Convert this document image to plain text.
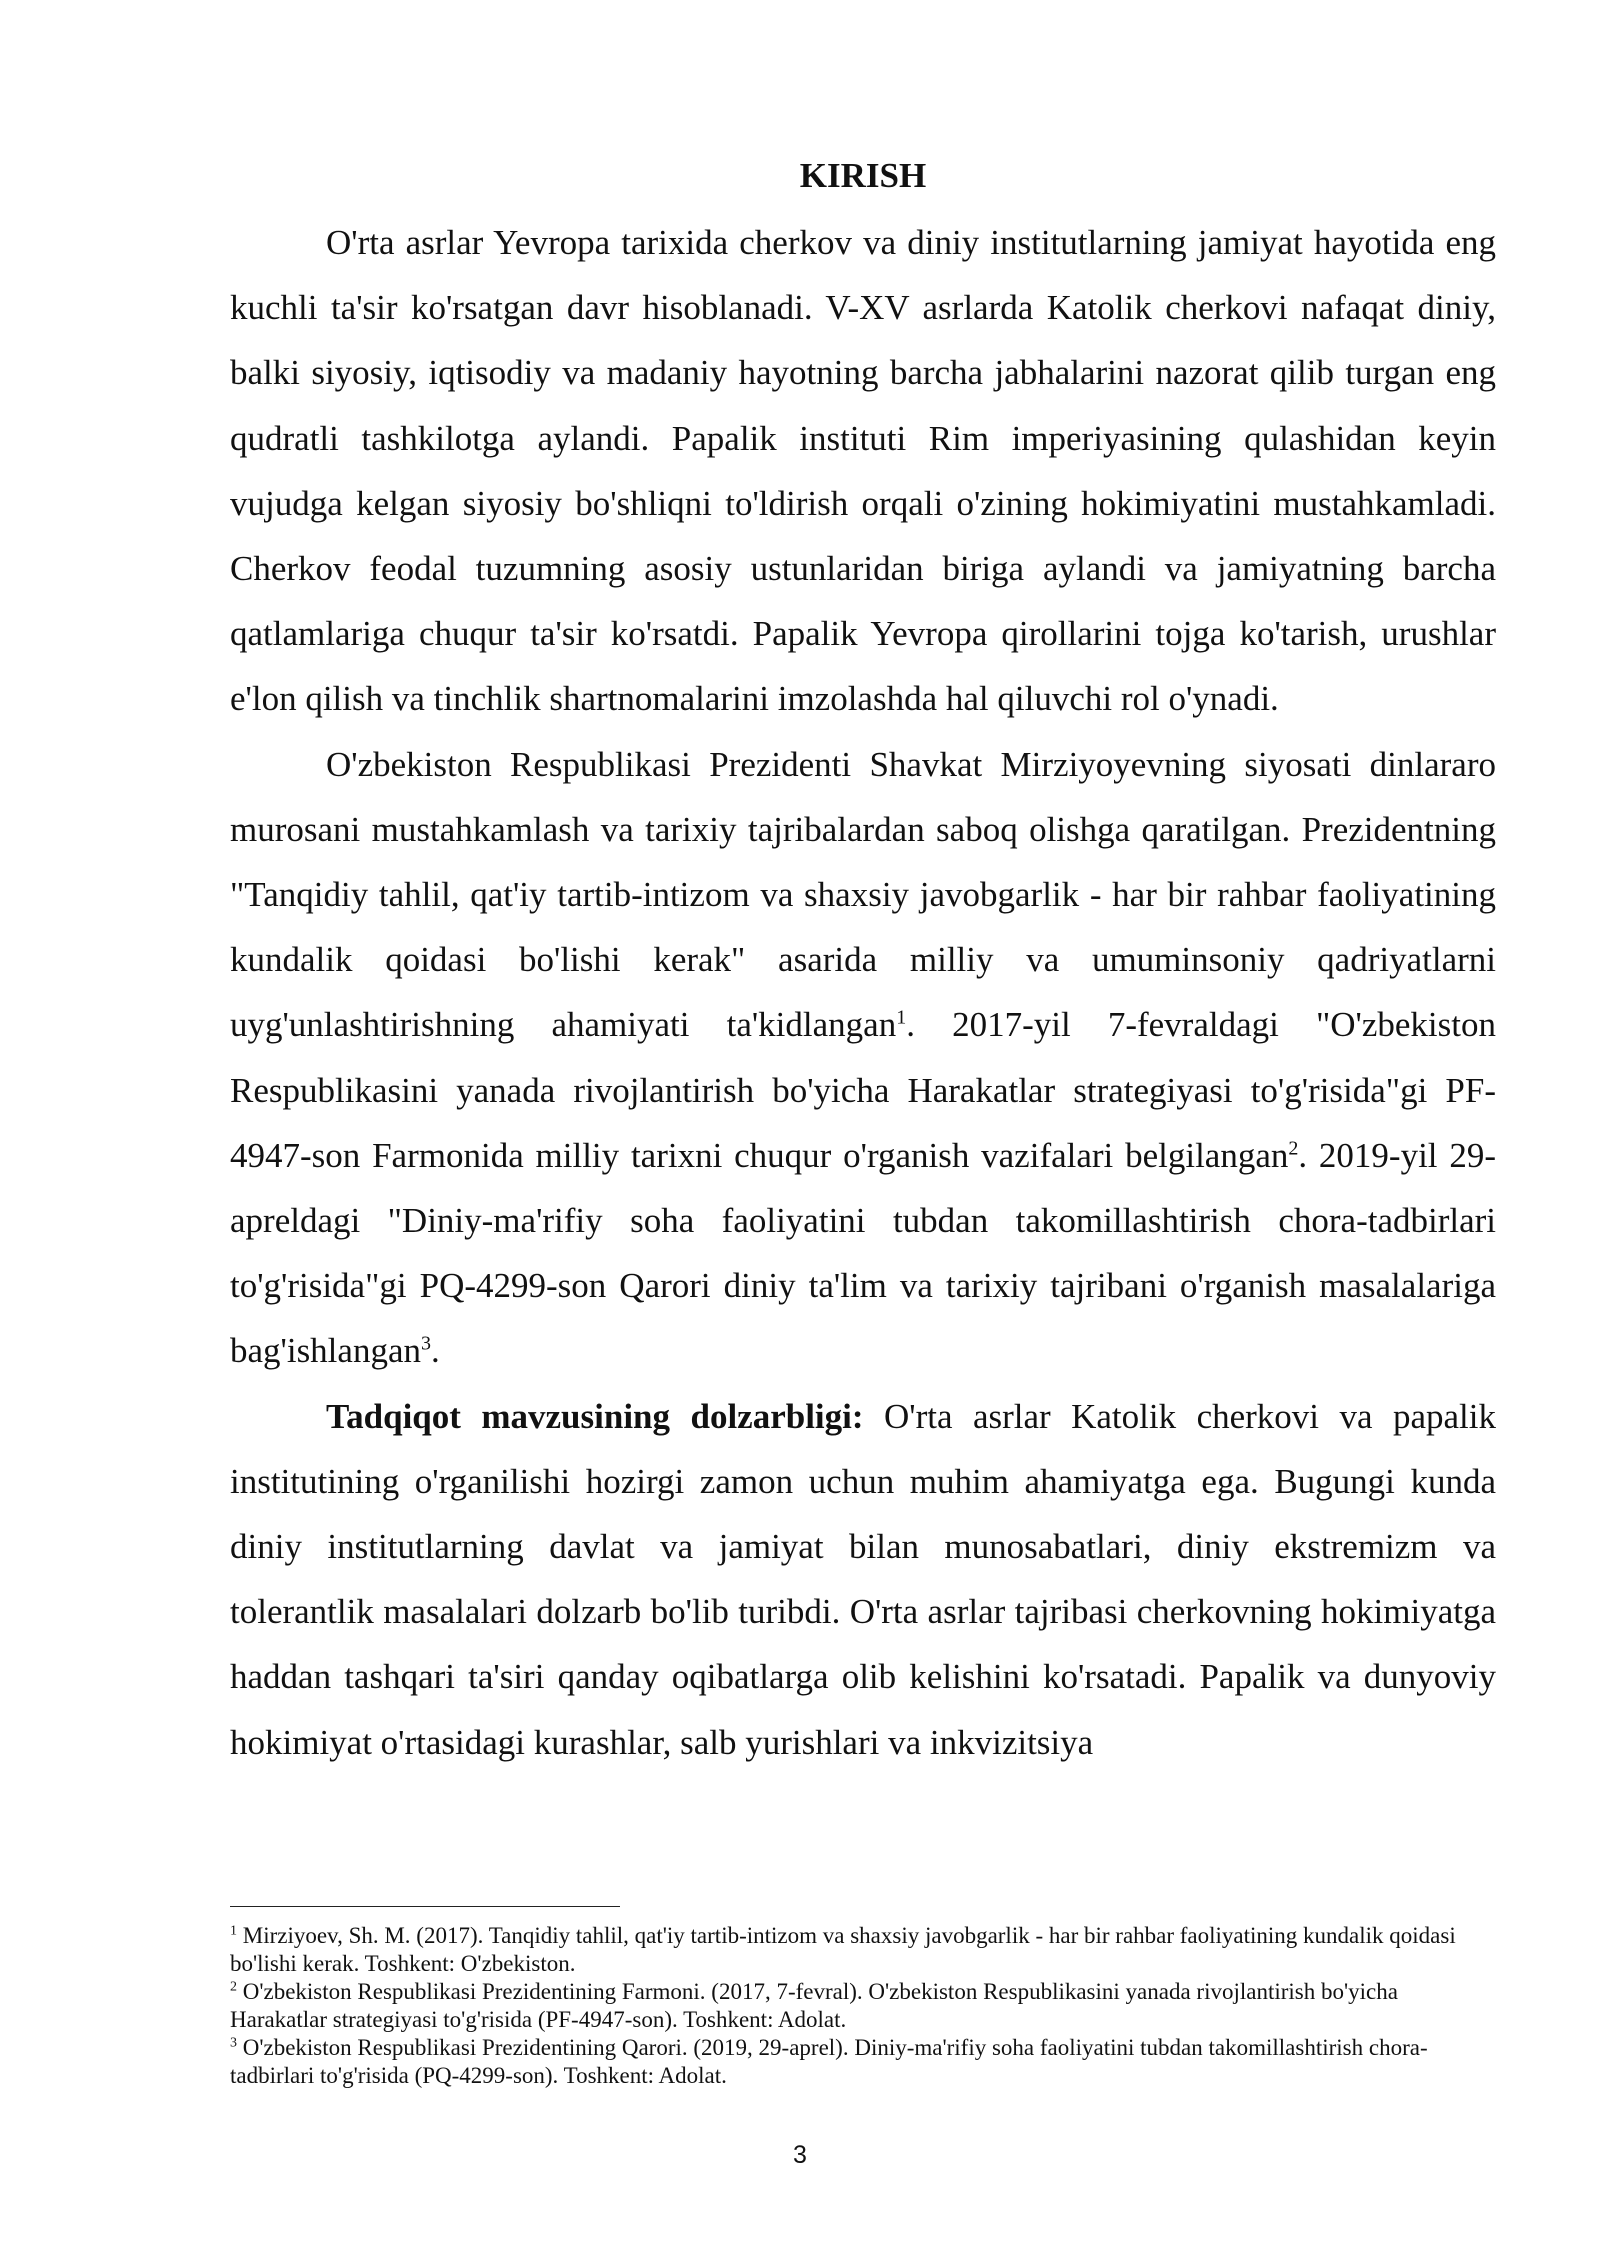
KIRISH

O'rta asrlar Yevropa tarixida cherkov va diniy institutlarning jamiyat hayotida eng kuchli ta'sir ko'rsatgan davr hisoblanadi. V-XV asrlarda Katolik cherkovi nafaqat diniy, balki siyosiy, iqtisodiy va madaniy hayotning barcha jabhalarini nazorat qilib turgan eng qudratli tashkilotga aylandi. Papalik instituti Rim imperiyasining qulashidan keyin vujudga kelgan siyosiy bo'shliqni to'ldirish orqali o'zining hokimiyatini mustahkamladi. Cherkov feodal tuzumning asosiy ustunlaridan biriga aylandi va jamiyatning barcha qatlamlariga chuqur ta'sir ko'rsatdi. Papalik Yevropa qirollarini tojga ko'tarish, urushlar e'lon qilish va tinchlik shartnomalarini imzolashda hal qiluvchi rol o'ynadi.

O'zbekiston Respublikasi Prezidenti Shavkat Mirziyoyevning siyosati dinlararo murosani mustahkamlash va tarixiy tajribalardan saboq olishga qaratilgan. Prezidentning "Tanqidiy tahlil, qat'iy tartib-intizom va shaxsiy javobgarlik - har bir rahbar faoliyatining kundalik qoidasi bo'lishi kerak" asarida milliy va umuminsoniy qadriyatlarni uyg'unlashtirishning ahamiyati ta'kidlangan$^1$. 2017-yil 7-fevraldagi "O'zbekiston Respublikasini yanada rivojlantirish bo'yicha Harakatlar strategiyasi to'g'risida"gi PF-4947-son Farmonida milliy tarixni chuqur o'rganish vazifalari belgilangan$^2$. 2019-yil 29-apreldagi "Diniy-ma'rifiy soha faoliyatini tubdan takomillashtirish chora-tadbirlari to'g'risida"gi PQ-4299-son Qarori diniy ta'lim va tarixiy tajribani o'rganish masalalariga bag'ishlangan$^3$.

Tadqiqot mavzusining dolzarbligi: O'rta asrlar Katolik cherkovi va papalik institutining o'rganilishi hozirgi zamon uchun muhim ahamiyatga ega. Bugungi kunda diniy institutlarning davlat va jamiyat bilan munosabatlari, diniy ekstremizm va tolerantlik masalalari dolzarb bo'lib turibdi. O'rta asrlar tajribasi cherkovning hokimiyatga haddan tashqari ta'siri qanday oqibatlarga olib kelishini ko'rsatadi. Papalik va dunyoviy hokimiyat o'rtasidagi kurashlar, salb yurishlari va inkvizitsiya

$^1$ Mirziyoev, Sh. M. (2017). Tanqidiy tahlil, qat'iy tartib-intizom va shaxsiy javobgarlik - har bir rahbar faoliyatining kundalik qoidasi bo'lishi kerak. Toshkent: O'zbekiston.

$^2$ O'zbekiston Respublikasi Prezidentining Farmoni. (2017, 7-fevral). O'zbekiston Respublikasini yanada rivojlantirish bo'yicha Harakatlar strategiyasi to'g'risida (PF-4947-son). Toshkent: Adolat.

$^3$ O'zbekiston Respublikasi Prezidentining Qarori. (2019, 29-aprel). Diniy-ma'rifiy soha faoliyatini tubdan takomillashtirish chora-tadbirlari to'g'risida (PQ-4299-son). Toshkent: Adolat.

3
